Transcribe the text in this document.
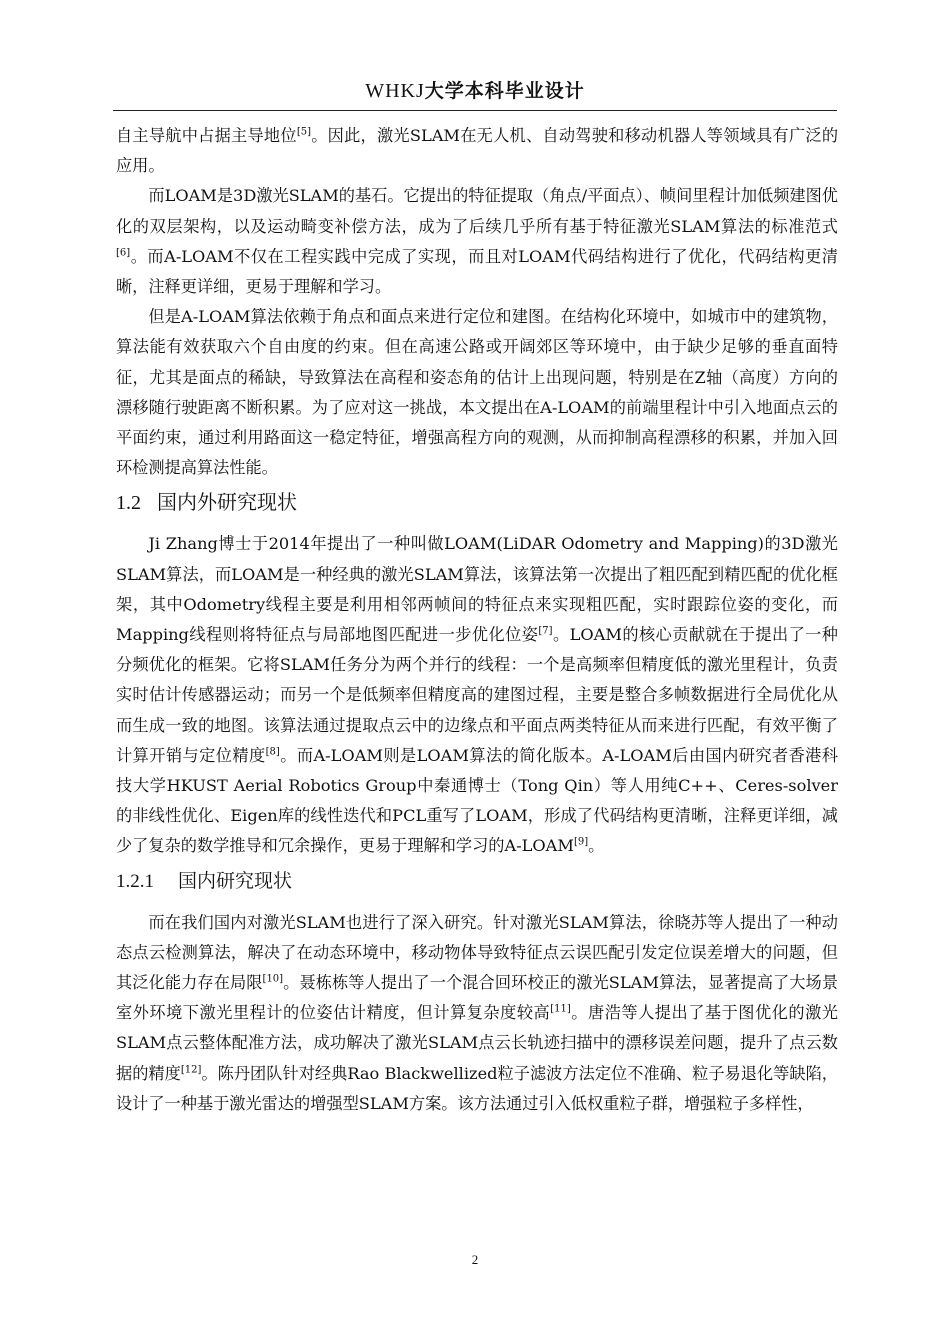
WHKJ大学本科毕业设计

自主导航中占据主导地位[5]。因此，激光SLAM在无人机、自动驾驶和移动机器人等领域具有广泛的应用。

而LOAM是3D激光SLAM的基石。它提出的特征提取（角点/平面点）、帧间里程计加低频建图优化的双层架构，以及运动畸变补偿方法，成为了后续几乎所有基于特征激光SLAM算法的标准范式[6]。而A-LOAM不仅在工程实践中完成了实现，而且对LOAM代码结构进行了优化，代码结构更清晰，注释更详细，更易于理解和学习。

但是A-LOAM算法依赖于角点和面点来进行定位和建图。在结构化环境中，如城市中的建筑物，算法能有效获取六个自由度的约束。但在高速公路或开阔郊区等环境中，由于缺少足够的垂直面特征，尤其是面点的稀缺，导致算法在高程和姿态角的估计上出现问题，特别是在Z轴（高度）方向的漂移随行驶距离不断积累。为了应对这一挑战，本文提出在A-LOAM的前端里程计中引入地面点云的平面约束，通过利用路面这一稳定特征，增强高程方向的观测，从而抑制高程漂移的积累，并加入回环检测提高算法性能。

1.2 国内外研究现状

Ji Zhang博士于2014年提出了一种叫做LOAM(LiDAR Odometry and Mapping)的3D激光SLAM算法，而LOAM是一种经典的激光SLAM算法，该算法第一次提出了粗匹配到精匹配的优化框架，其中Odometry线程主要是利用相邻两帧间的特征点来实现粗匹配，实时跟踪位姿的变化，而Mapping线程则将特征点与局部地图匹配进一步优化位姿[7]。LOAM的核心贡献就在于提出了一种分频优化的框架。它将SLAM任务分为两个并行的线程：一个是高频率但精度低的激光里程计，负责实时估计传感器运动；而另一个是低频率但精度高的建图过程，主要是整合多帧数据进行全局优化从而生成一致的地图。该算法通过提取点云中的边缘点和平面点两类特征从而来进行匹配，有效平衡了计算开销与定位精度[8]。而A-LOAM则是LOAM算法的简化版本。A-LOAM后由国内研究者香港科技大学HKUST Aerial Robotics Group中秦通博士（Tong Qin）等人用纯C++、Ceres-solver的非线性优化、Eigen库的线性迭代和PCL重写了LOAM，形成了代码结构更清晰，注释更详细，减少了复杂的数学推导和冗余操作，更易于理解和学习的A-LOAM[9]。

1.2.1 国内研究现状

而在我们国内对激光SLAM也进行了深入研究。针对激光SLAM算法，徐晓苏等人提出了一种动态点云检测算法，解决了在动态环境中，移动物体导致特征点云误匹配引发定位误差增大的问题，但其泛化能力存在局限[10]。聂栋栋等人提出了一个混合回环校正的激光SLAM算法，显著提高了大场景室外环境下激光里程计的位姿估计精度，但计算复杂度较高[11]。唐浩等人提出了基于图优化的激光SLAM点云整体配准方法，成功解决了激光SLAM点云长轨迹扫描中的漂移误差问题，提升了点云数据的精度[12]。陈丹团队针对经典Rao Blackwellized粒子滤波方法定位不准确、粒子易退化等缺陷，设计了一种基于激光雷达的增强型SLAM方案。该方法通过引入低权重粒子群，增强粒子多样性，

2
